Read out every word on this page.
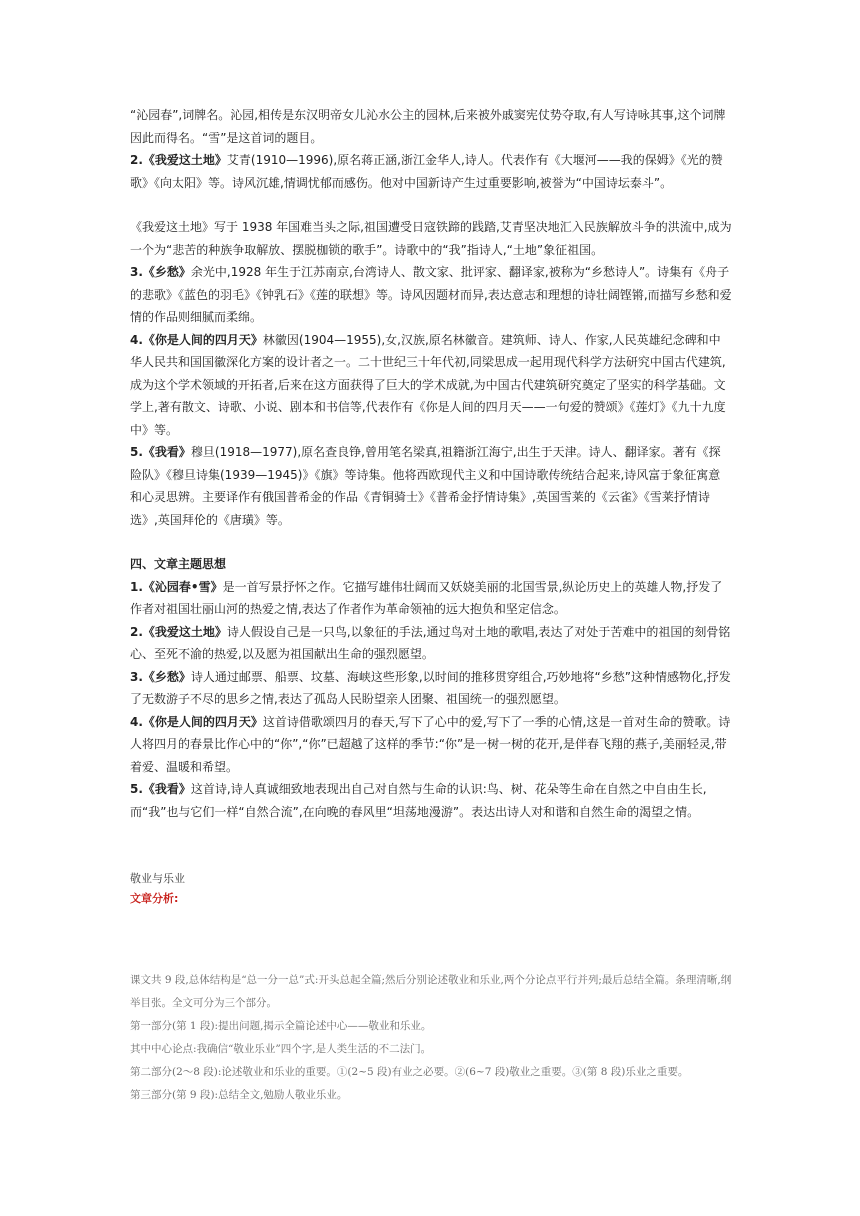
“沁园春”,词牌名。沁园,相传是东汉明帝女儿沁水公主的园林,后来被外戚窦宪仗势夺取,有人写诗咏其事,这个词牌因此而得名。“雪”是这首词的题目。

2.《我爱这土地》艾青(1910—1996),原名蒋正涵,浙江金华人,诗人。代表作有《大堰河——我的保姆》《光的赞歌》《向太阳》等。诗风沉雄,情调忧郁而感伤。他对中国新诗产生过重要影响,被誉为“中国诗坛泰斗”。

《我爱这土地》写于 1938 年国难当头之际,祖国遭受日寇铁蹄的践踏,艾青坚决地汇入民族解放斗争的洪流中,成为一个为“悲苦的种族争取解放、摆脱枷锁的歌手”。诗歌中的“我”指诗人,“土地”象征祖国。

3.《乡愁》余光中,1928 年生于江苏南京,台湾诗人、散文家、批评家、翻译家,被称为“乡愁诗人”。诗集有《舟子的悲歌》《蓝色的羽毛》《钟乳石》《莲的联想》等。诗风因题材而异,表达意志和理想的诗壮阔铿锵,而描写乡愁和爱情的作品则细腻而柔绵。

4.《你是人间的四月天》林徽因(1904—1955),女,汉族,原名林徽音。建筑师、诗人、作家,人民英雄纪念碑和中华人民共和国国徽深化方案的设计者之一。二十世纪三十年代初,同梁思成一起用现代科学方法研究中国古代建筑,成为这个学术领域的开拓者,后来在这方面获得了巨大的学术成就,为中国古代建筑研究奠定了坚实的科学基础。文学上,著有散文、诗歌、小说、剧本和书信等,代表作有《你是人间的四月天——一句爱的赞颂》《莲灯》《九十九度中》等。

5.《我看》穆旦(1918—1977),原名查良铮,曾用笔名梁真,祖籍浙江海宁,出生于天津。诗人、翻译家。著有《探险队》《穆旦诗集(1939—1945)》《旗》等诗集。他将西欧现代主义和中国诗歌传统结合起来,诗风富于象征寓意和心灵思辨。主要译作有俄国普希金的作品《青铜骑士》《普希金抒情诗集》,英国雪莱的《云雀》《雪莱抒情诗选》,英国拜伦的《唐璜》等。

四、文章主题思想

1.《沁园春•雪》是一首写景抒怀之作。它描写雄伟壮阔而又妖娆美丽的北国雪景,纵论历史上的英雄人物,抒发了作者对祖国壮丽山河的热爱之情,表达了作者作为革命领袖的远大抱负和坚定信念。

2.《我爱这土地》诗人假设自己是一只鸟,以象征的手法,通过鸟对土地的歌唱,表达了对处于苦难中的祖国的刻骨铭心、至死不渝的热爱,以及愿为祖国献出生命的强烈愿望。

3.《乡愁》诗人通过邮票、船票、坟墓、海峡这些形象,以时间的推移贯穿组合,巧妙地将“乡愁”这种情感物化,抒发了无数游子不尽的思乡之情,表达了孤岛人民盼望亲人团聚、祖国统一的强烈愿望。

4.《你是人间的四月天》这首诗借歌颂四月的春天,写下了心中的爱,写下了一季的心情,这是一首对生命的赞歌。诗人将四月的春景比作心中的“你”,“你”已超越了这样的季节:“你”是一树一树的花开,是伴春飞翔的燕子,美丽轻灵,带着爱、温暖和希望。

5.《我看》这首诗,诗人真诚细致地表现出自己对自然与生命的认识:鸟、树、花朵等生命在自然之中自由生长,而“我”也与它们一样“自然合流”,在向晚的春风里“坦荡地漫游”。表达出诗人对和谐和自然生命的渴望之情。

敬业与乐业

文章分析:

课文共 9 段,总体结构是“总一分一总”式:开头总起全篇;然后分别论述敬业和乐业,两个分论点平行并列;最后总结全篇。条理清晰,纲举目张。全文可分为三个部分。

第一部分(第 1 段):提出问题,揭示全篇论述中心——敬业和乐业。

其中中心论点:我确信“敬业乐业”四个字,是人类生活的不二法门。

第二部分(2～8 段):论述敬业和乐业的重要。①(2~5 段)有业之必要。②(6~7 段)敬业之重要。③(第 8 段)乐业之重要。

第三部分(第 9 段):总结全文,勉励人敬业乐业。
